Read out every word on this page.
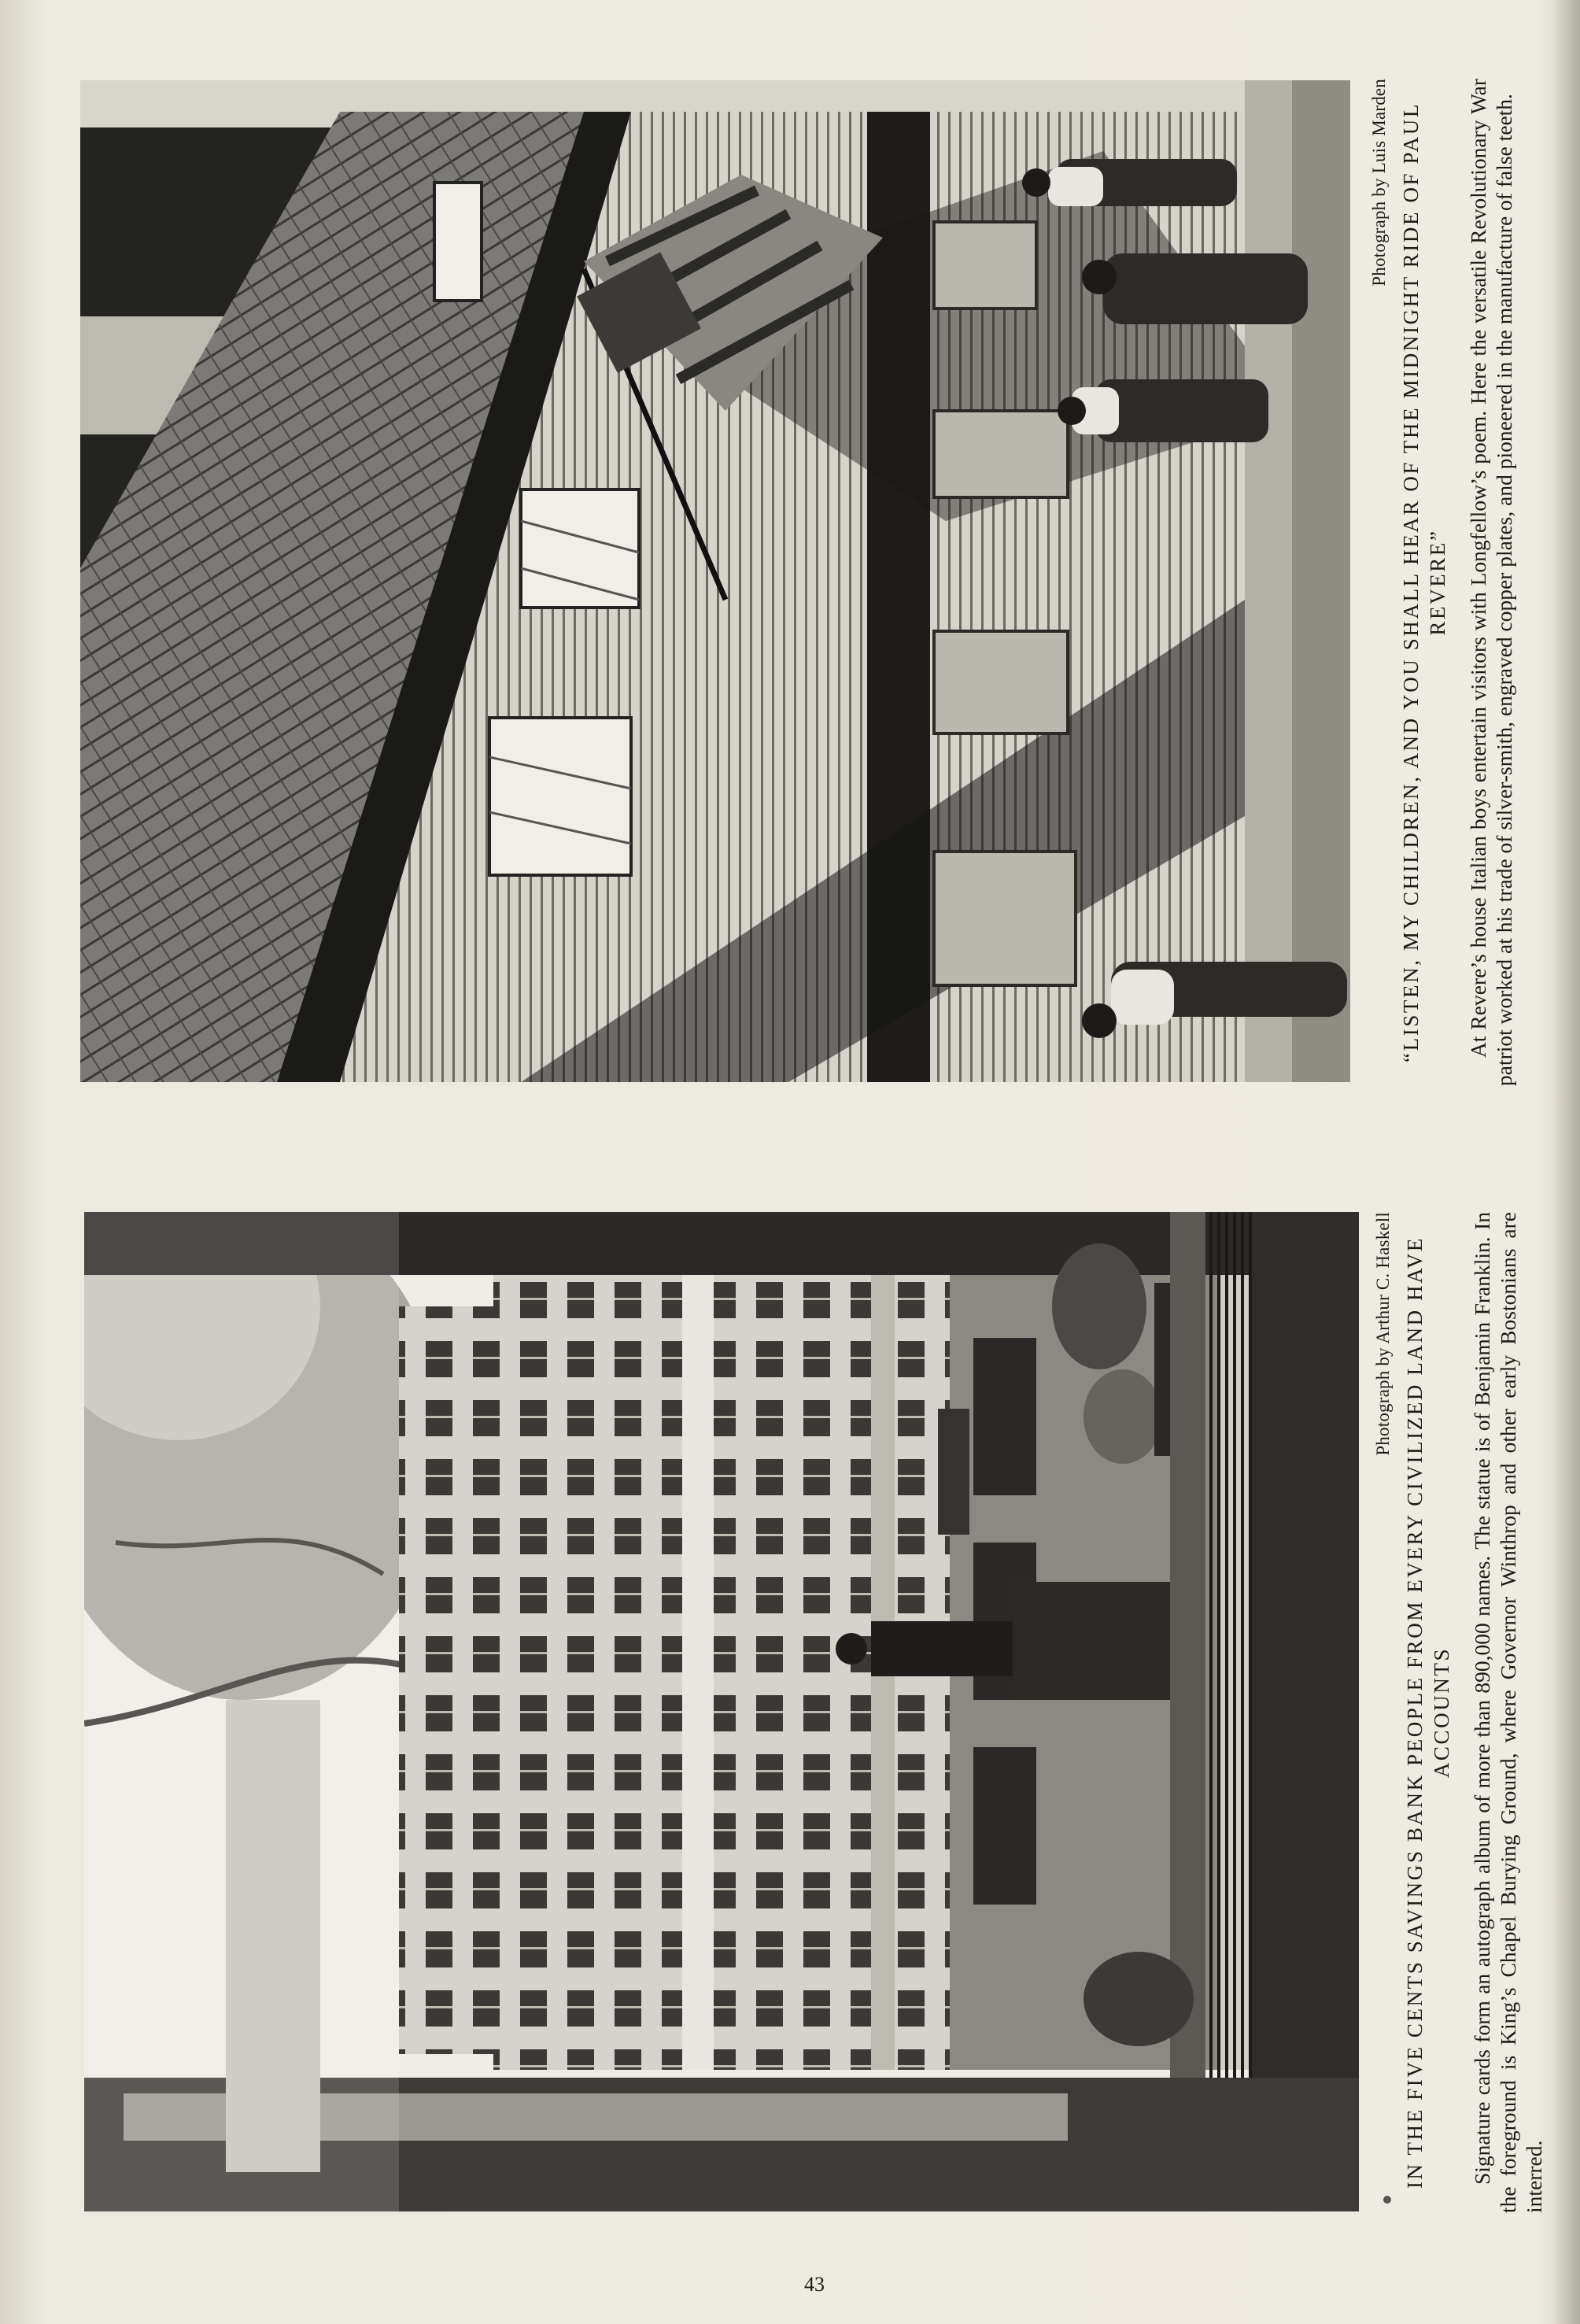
Photograph by Luis Marden “LISTEN, MY CHILDREN, AND YOU SHALL HEAR OF THE MIDNIGHT RIDE OF PAUL REVERE” At Revere’s house Italian boys entertain visitors with Longfellow’s poem. Here the versatile Revolutionary War patriot worked at his trade of silver-smith, engraved copper plates, and pioneered in the manufacture of false teeth.

Photograph by Arthur C. Haskell IN THE FIVE CENTS SAVINGS BANK PEOPLE FROM EVERY CIVILIZED LAND HAVE ACCOUNTS Signature cards form an autograph album of more than 890,000 names. The statue is of Benjamin Franklin. In the foreground is King’s Chapel Burying Ground, where Governor Winthrop and other early Bostonians are interred.

43
